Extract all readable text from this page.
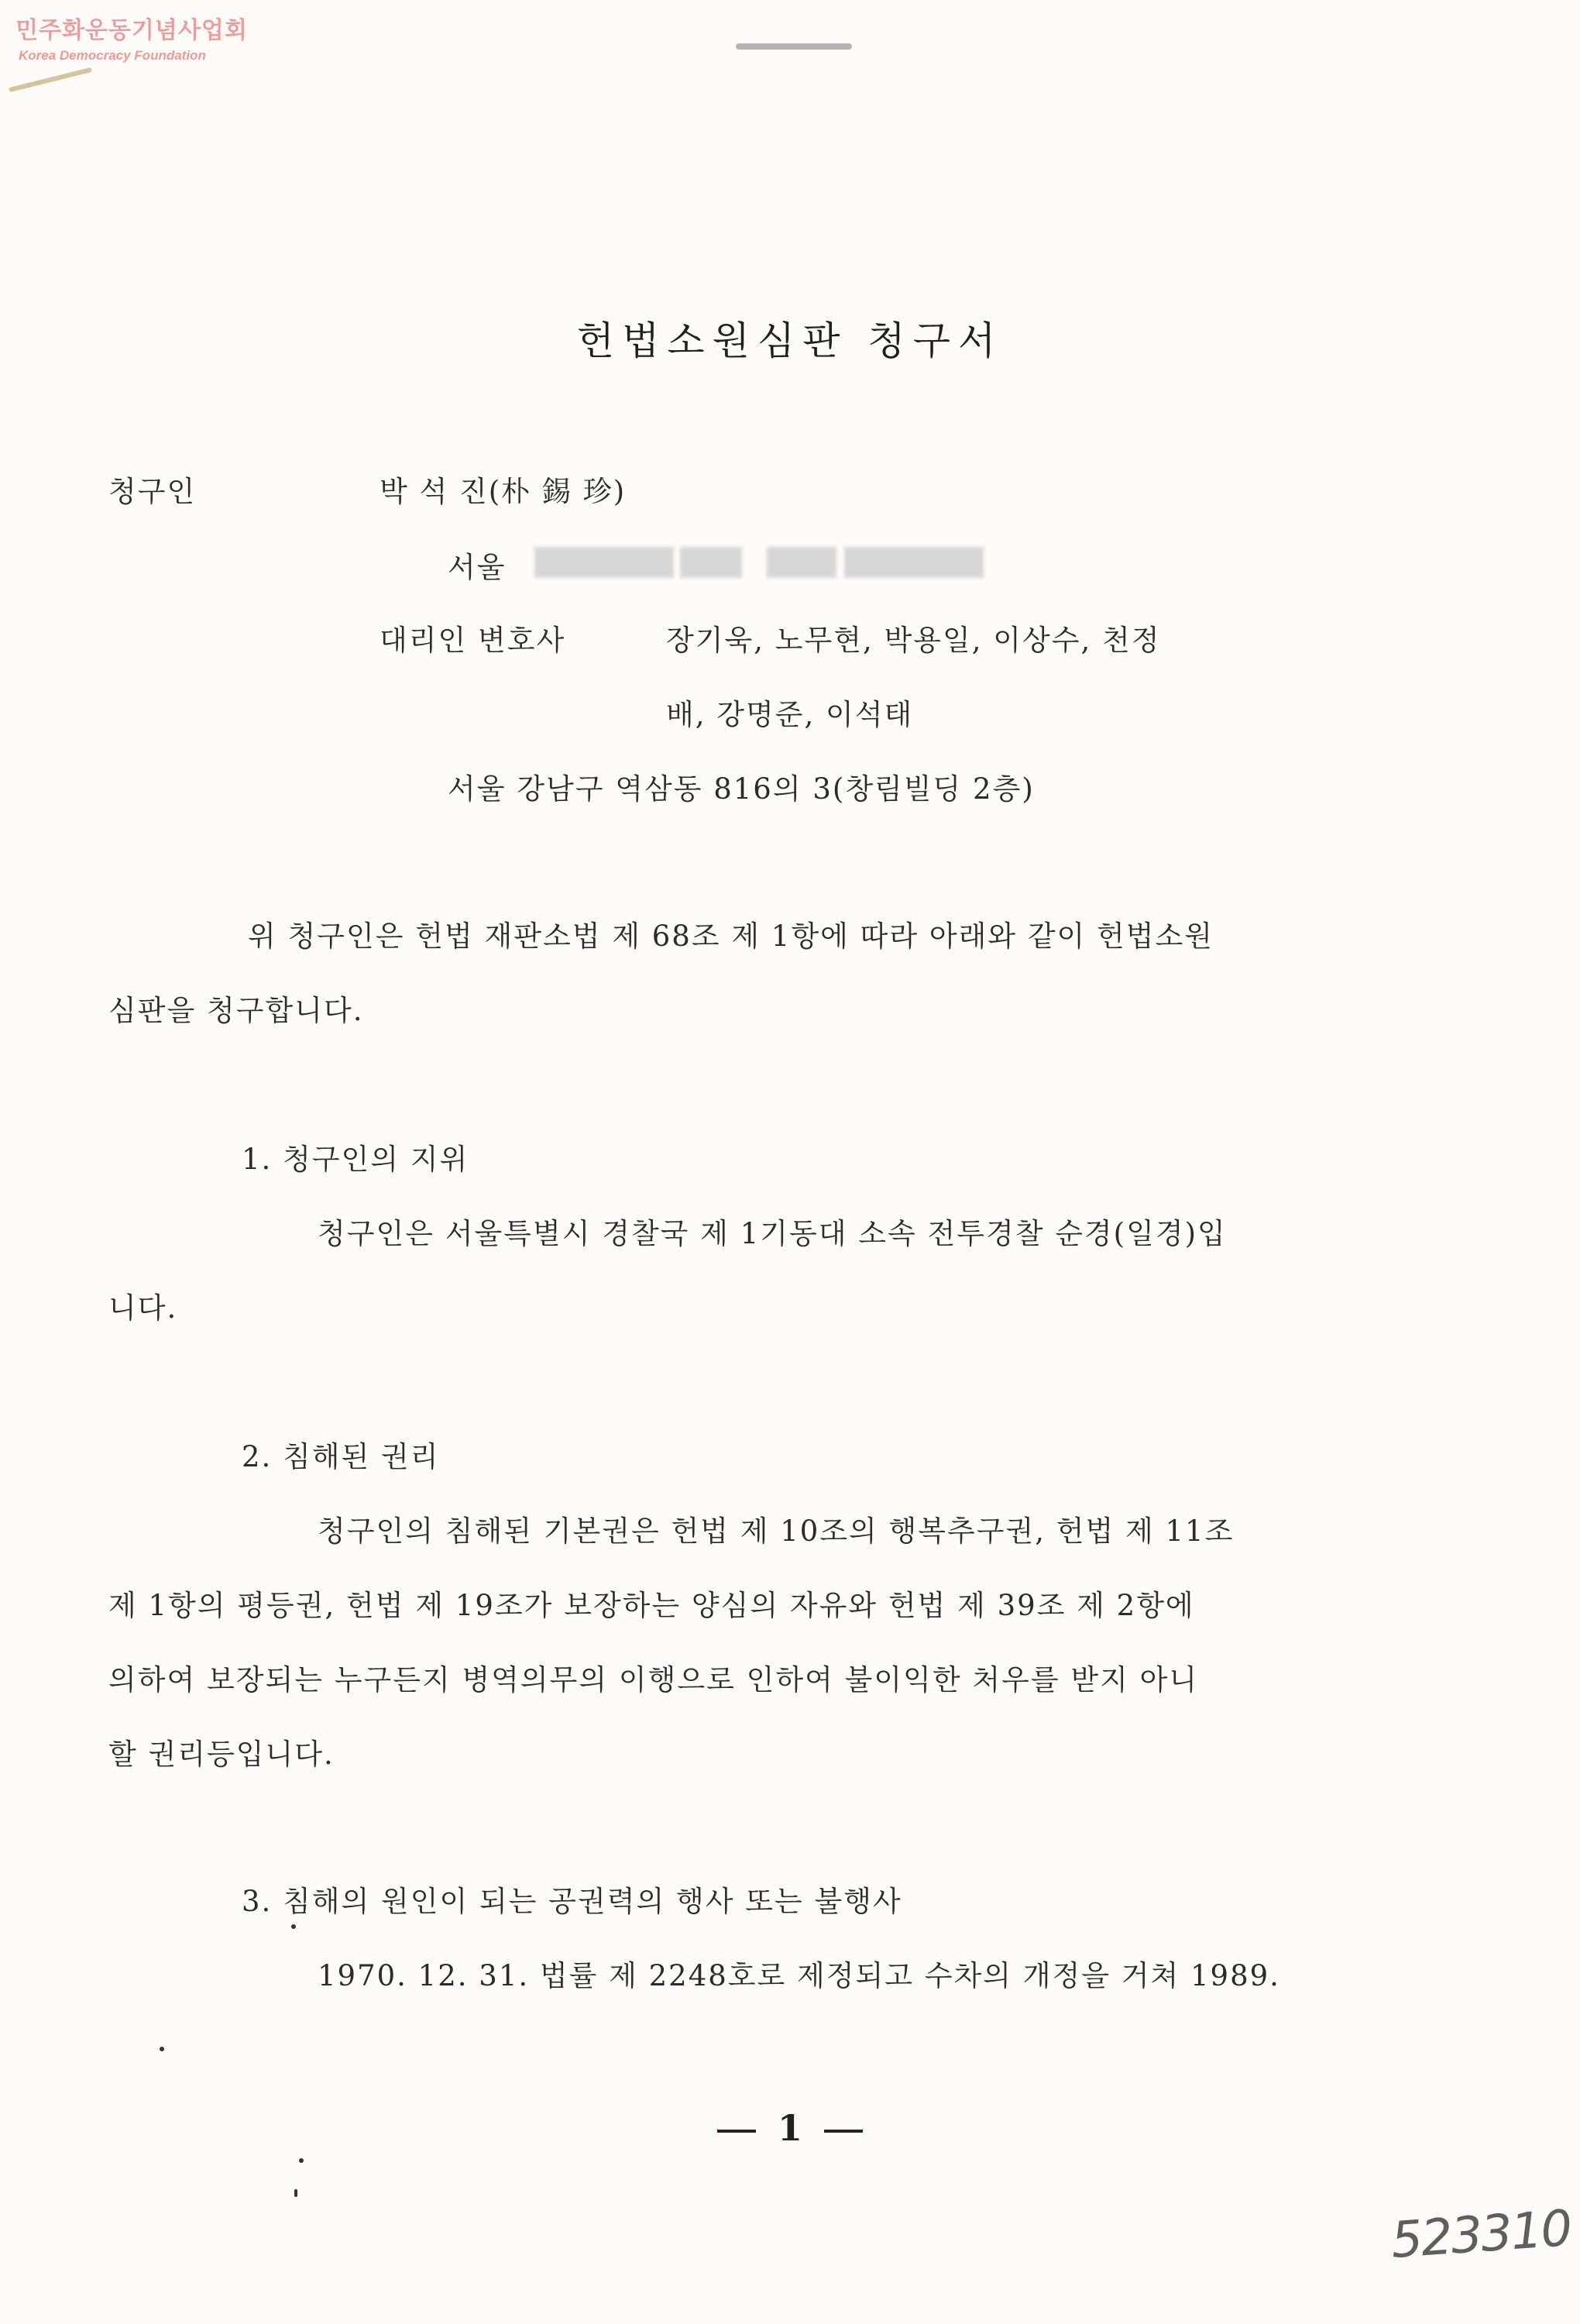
민주화운동기념사업회
Korea Democracy Foundation
헌법소원심판 청구서
청구인	박 석 진(朴 錫 珍)
서울
대리인 변호사	장기욱, 노무현, 박용일, 이상수, 천정
배, 강명준, 이석태
서울 강남구 역삼동 816의 3(창림빌딩 2층)
위 청구인은 헌법 재판소법 제 68조 제 1항에 따라 아래와 같이 헌법소원
심판을 청구합니다.
1. 청구인의 지위
청구인은 서울특별시 경찰국 제 1기동대 소속 전투경찰 순경(일경)입
니다.
2. 침해된 권리
청구인의 침해된 기본권은 헌법 제 10조의 행복추구권, 헌법 제 11조
제 1항의 평등권, 헌법 제 19조가 보장하는 양심의 자유와 헌법 제 39조 제 2항에
의하여 보장되는 누구든지 병역의무의 이행으로 인하여 불이익한 처우를 받지 아니
할 권리등입니다.
3. 침해의 원인이 되는 공권력의 행사 또는 불행사
1970. 12. 31. 법률 제 2248호로 제정되고 수차의 개정을 거쳐 1989.
1
523310
